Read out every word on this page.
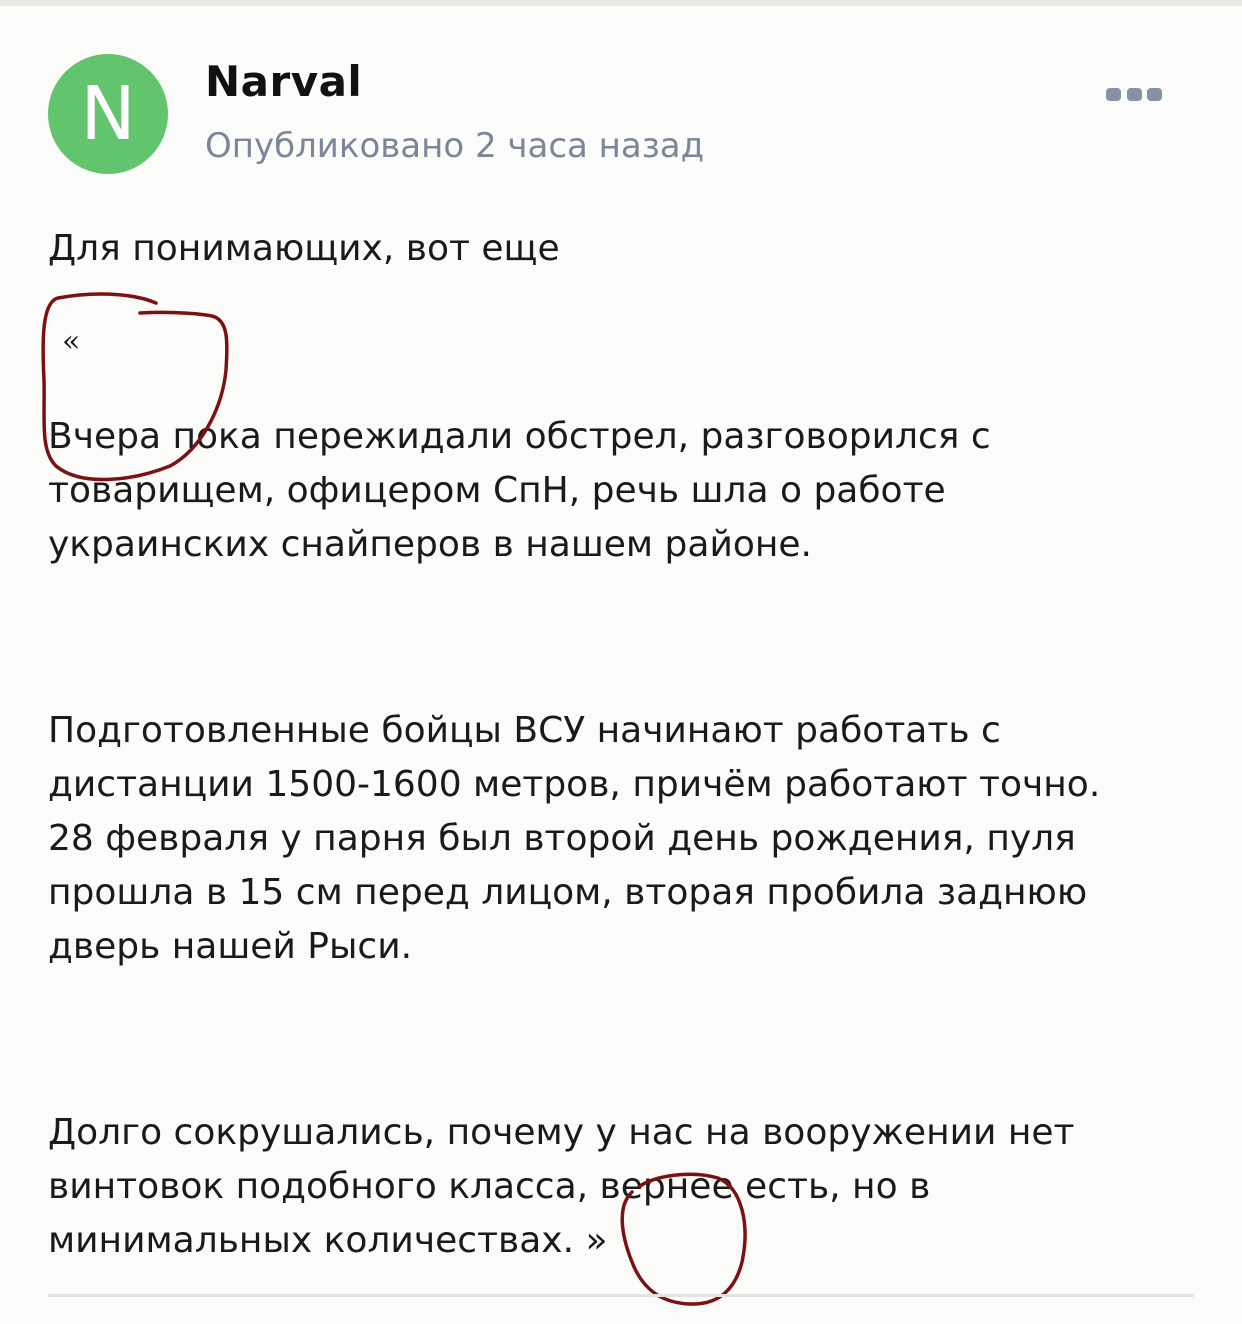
N	Narval
Опубликовано 2 часа назад
Для понимающих, вот еще
«
Вчера пока пережидали обстрел, разговорился с
товарищем, офицером СпН, речь шла о работе
украинских снайперов в нашем районе.
Подготовленные бойцы ВСУ начинают работать с
дистанции 1500-1600 метров, причём работают точно.
28 февраля у парня был второй день рождения, пуля
прошла в 15 см перед лицом, вторая пробила заднюю
дверь нашей Рыси.
Долго сокрушались, почему у нас на вооружении нет
винтовок подобного класса, вернее есть, но в
минимальных количествах. »
